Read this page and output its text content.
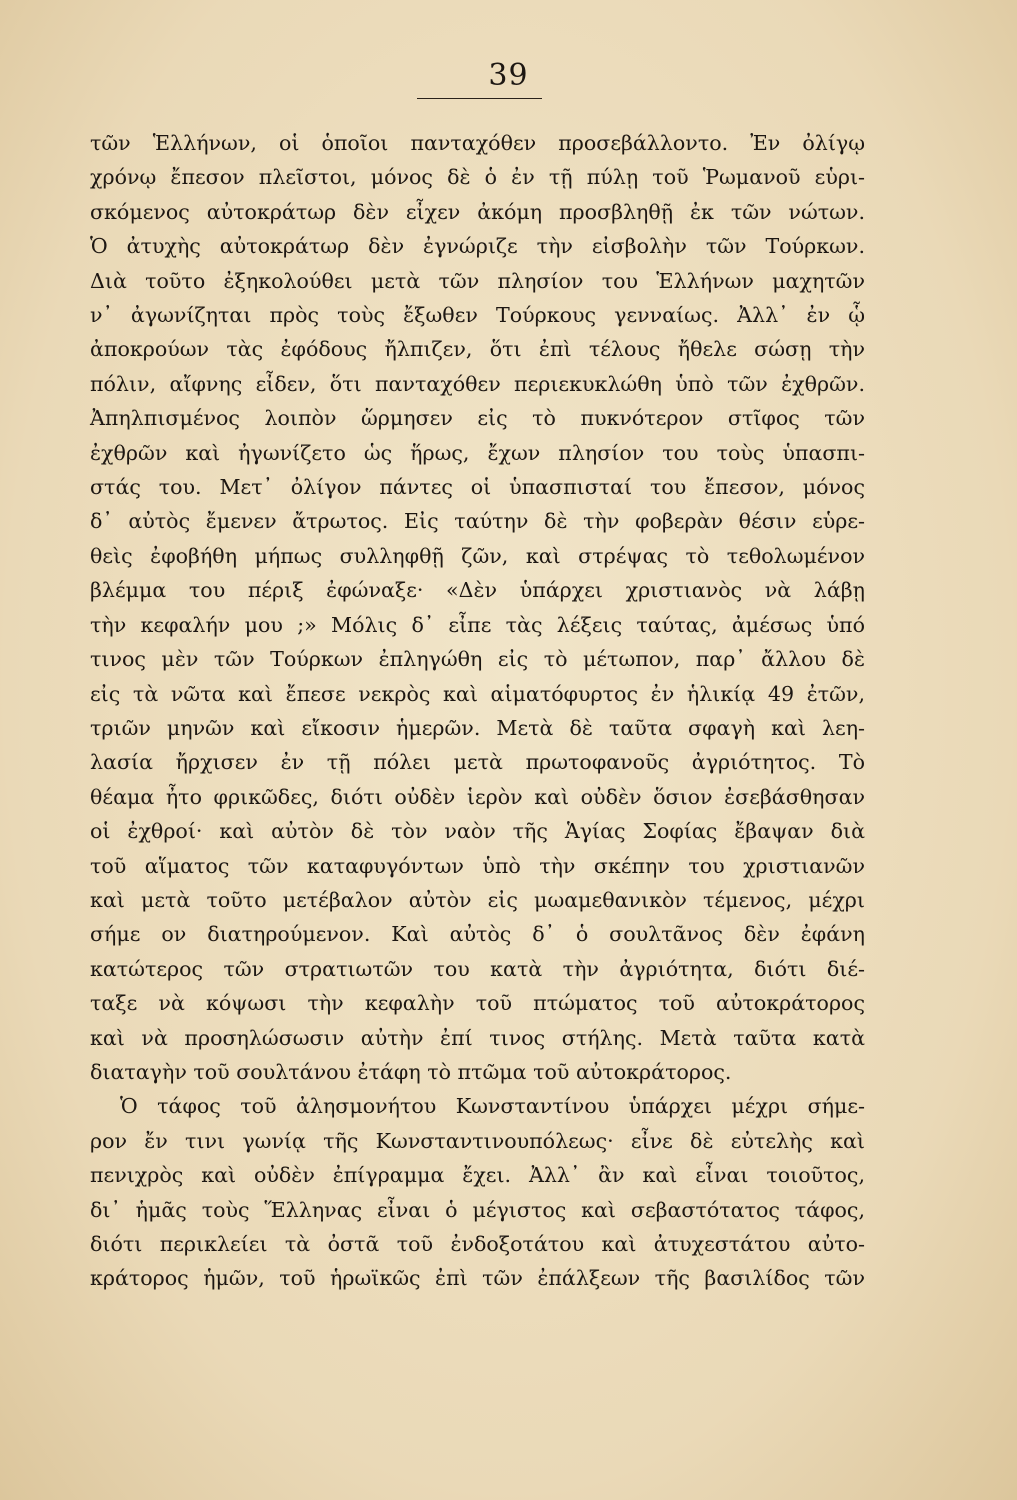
39
τῶν Ἑλλήνων, οἱ ὁποῖοι πανταχόθεν προσεβάλλοντο. Ἐν ὀλίγῳ
χρόνῳ ἔπεσον πλεῖστοι, μόνος δὲ ὁ ἐν τῇ πύλῃ τοῦ Ῥωμανοῦ εὑρι-
σκόμενος αὐτοκράτωρ δὲν εἶχεν ἀκόμη προσβληθῇ ἐκ τῶν νώτων.
Ὁ ἀτυχὴς αὐτοκράτωρ δὲν ἐγνώριζε τὴν εἰσβολὴν τῶν Τούρκων.
Διὰ τοῦτο ἐξηκολούθει μετὰ τῶν πλησίον του Ἑλλήνων μαχητῶν
ν᾽ ἀγωνίζηται πρὸς τοὺς ἔξωθεν Τούρκους γενναίως. Ἀλλ᾽ ἐν ᾧ
ἀποκρούων τὰς ἐφόδους ἤλπιζεν, ὅτι ἐπὶ τέλους ἤθελε σώσῃ τὴν
πόλιν, αἴφνης εἶδεν, ὅτι πανταχόθεν περιεκυκλώθη ὑπὸ τῶν ἐχθρῶν.
Ἀπηλπισμένος λοιπὸν ὥρμησεν εἰς τὸ πυκνότερον στῖφος τῶν
ἐχθρῶν καὶ ἠγωνίζετο ὡς ἥρως, ἔχων πλησίον του τοὺς ὑπασπι-
στάς του. Μετ᾽ ὀλίγον πάντες οἱ ὑπασπισταί του ἔπεσον, μόνος
δ᾽ αὐτὸς ἔμενεν ἄτρωτος. Εἰς ταύτην δὲ τὴν φοβερὰν θέσιν εὑρε-
θεὶς ἐφοβήθη μήπως συλληφθῇ ζῶν, καὶ στρέψας τὸ τεθολωμένον
βλέμμα του πέριξ ἐφώναξε· «Δὲν ὑπάρχει χριστιανὸς νὰ λάβῃ
τὴν κεφαλήν μου ;» Μόλις δ᾽ εἶπε τὰς λέξεις ταύτας, ἀμέσως ὑπό
τινος μὲν τῶν Τούρκων ἐπληγώθη εἰς τὸ μέτωπον, παρ᾽ ἄλλου δὲ
εἰς τὰ νῶτα καὶ ἔπεσε νεκρὸς καὶ αἱματόφυρτος ἐν ἡλικίᾳ 49 ἐτῶν,
τριῶν μηνῶν καὶ εἴκοσιν ἡμερῶν. Μετὰ δὲ ταῦτα σφαγὴ καὶ λεη-
λασία ἤρχισεν ἐν τῇ πόλει μετὰ πρωτοφανοῦς ἀγριότητος. Τὸ
θέαμα ἦτο φρικῶδες, διότι οὐδὲν ἱερὸν καὶ οὐδὲν ὅσιον ἐσεβάσθησαν
οἱ ἐχθροί· καὶ αὐτὸν δὲ τὸν ναὸν τῆς Ἁγίας Σοφίας ἔβαψαν διὰ
τοῦ αἵματος τῶν καταφυγόντων ὑπὸ τὴν σκέπην του χριστιανῶν
καὶ μετὰ τοῦτο μετέβαλον αὐτὸν εἰς μωαμεθανικὸν τέμενος, μέχρι
σήμε ον διατηρούμενον. Καὶ αὐτὸς δ᾽ ὁ σουλτᾶνος δὲν ἐφάνη
κατώτερος τῶν στρατιωτῶν του κατὰ τὴν ἀγριότητα, διότι διέ-
ταξε νὰ κόψωσι τὴν κεφαλὴν τοῦ πτώματος τοῦ αὐτοκράτορος
καὶ νὰ προσηλώσωσιν αὐτὴν ἐπί τινος στήλης. Μετὰ ταῦτα κατὰ
διαταγὴν τοῦ σουλτάνου ἐτάφη τὸ πτῶμα τοῦ αὐτοκράτορος.
Ὁ τάφος τοῦ ἀλησμονήτου Κωνσταντίνου ὑπάρχει μέχρι σήμε-
ρον ἔν τινι γωνίᾳ τῆς Κωνσταντινουπόλεως· εἶνε δὲ εὐτελὴς καὶ
πενιχρὸς καὶ οὐδὲν ἐπίγραμμα ἔχει. Ἀλλ᾽ ἂν καὶ εἶναι τοιοῦτος,
δι᾽ ἡμᾶς τοὺς Ἕλληνας εἶναι ὁ μέγιστος καὶ σεβαστότατος τάφος,
διότι περικλείει τὰ ὀστᾶ τοῦ ἐνδοξοτάτου καὶ ἀτυχεστάτου αὐτο-
κράτορος ἡμῶν, τοῦ ἡρωϊκῶς ἐπὶ τῶν ἐπάλξεων τῆς βασιλίδος τῶν
